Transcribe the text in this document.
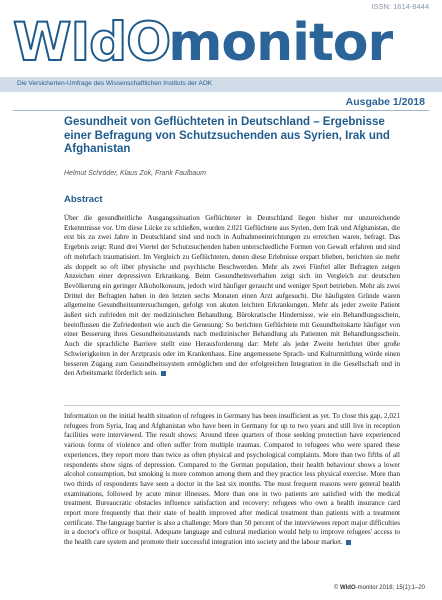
ISSN: 1614-8444
WIdOmonitor
Die Versicherten-Umfrage des Wissenschaftlichen Instituts der AOK
Ausgabe 1/2018
Gesundheit von Geflüchteten in Deutschland – Ergebnisse einer Befragung von Schutzsuchenden aus Syrien, Irak und Afghanistan
Helmut Schröder, Klaus Zok, Frank Faulbaum
Abstract

Über die gesundheitliche Ausgangssituation Geflüchteter in Deutschland liegen bisher nur unzureichende Erkenntnisse vor. Um diese Lücke zu schließen, wurden 2.021 Geflüchtete aus Syrien, dem Irak und Afghanistan, die erst bis zu zwei Jahre in Deutschland sind und noch in Aufnahmeeinrichtungen zu erreichen waren, befragt. Das Ergebnis zeigt: Rund drei Viertel der Schutzsuchenden haben unterschiedliche Formen von Gewalt erfahren und sind oft mehrfach traumatisiert. Im Vergleich zu Geflüchteten, denen diese Erlebnisse erspart blieben, berichten sie mehr als doppelt so oft über physische und psychische Beschwerden. Mehr als zwei Fünftel aller Befragten zeigen Anzeichen einer depressiven Erkrankung. Beim Gesundheitsverhalten zeigt sich im Vergleich zur deutschen Bevölkerung ein geringer Alkoholkonsum, jedoch wird häufiger geraucht und weniger Sport betrieben. Mehr als zwei Drittel der Befragten haben in den letzten sechs Monaten einen Arzt aufgesucht. Die häufigsten Gründe waren allgemeine Gesundheitsuntersuchungen, gefolgt von akuten leichten Erkrankungen. Mehr als jeder zweite Patient äußert sich zufrieden mit der medizinischen Behandlung. Bürokratische Hindernisse, wie ein Behandlungsschein, beeinflussen die Zufriedenheit wie auch die Genesung: So berichten Geflüchtete mit Gesundheitskarte häufiger von einer Besserung ihres Gesundheitszustands nach medizinischer Behandlung als Patienten mit Behandlungsschein. Auch die sprachliche Barriere stellt eine Herausforderung dar: Mehr als jeder Zweite berichtet über große Schwierigkeiten in der Arztpraxis oder im Krankenhaus. Eine angemessene Sprach- und Kulturmittlung würde einen besseren Zugang zum Gesundheitssystem ermöglichen und der erfolgreichen Integration in die Gesellschaft und in den Arbeitsmarkt förderlich sein.

Information on the initial health situation of refugees in Germany has been insufficient as yet. To close this gap, 2,021 refugees from Syria, Iraq and Afghanistan who have been in Germany for up to two years and still live in reception facilities were interviewed. The result shows: Around three quarters of those seeking protection have experienced various forms of violence and often suffer from multiple traumas. Compared to refugees who were spared these experiences, they report more than twice as often physical and psychological complaints. More than two fifths of all respondents show signs of depression. Compared to the German population, their health behaviour shows a lower alcohol consumption, but smoking is more common among them and they practice less physical exercise. More than two thirds of respondents have seen a doctor in the last six months. The most frequent reasons were general health examinations, followed by acute minor illnesses. More than one in two patients are satisfied with the medical treatment. Bureaucratic obstacles influence satisfaction and recovery: refugees who own a health insurance card report more frequently that their state of health improved after medical treatment than patients with a treatment certificate. The language barrier is also a challenge: More than 50 percent of the interviewees report major difficulties in a doctor's office or hospital. Adequate language and cultural mediation would help to improve refugees' access to the health care system and promote their successful integration into society and the labour market.

© WIdO-monitor 2018; 15(1):1–20
